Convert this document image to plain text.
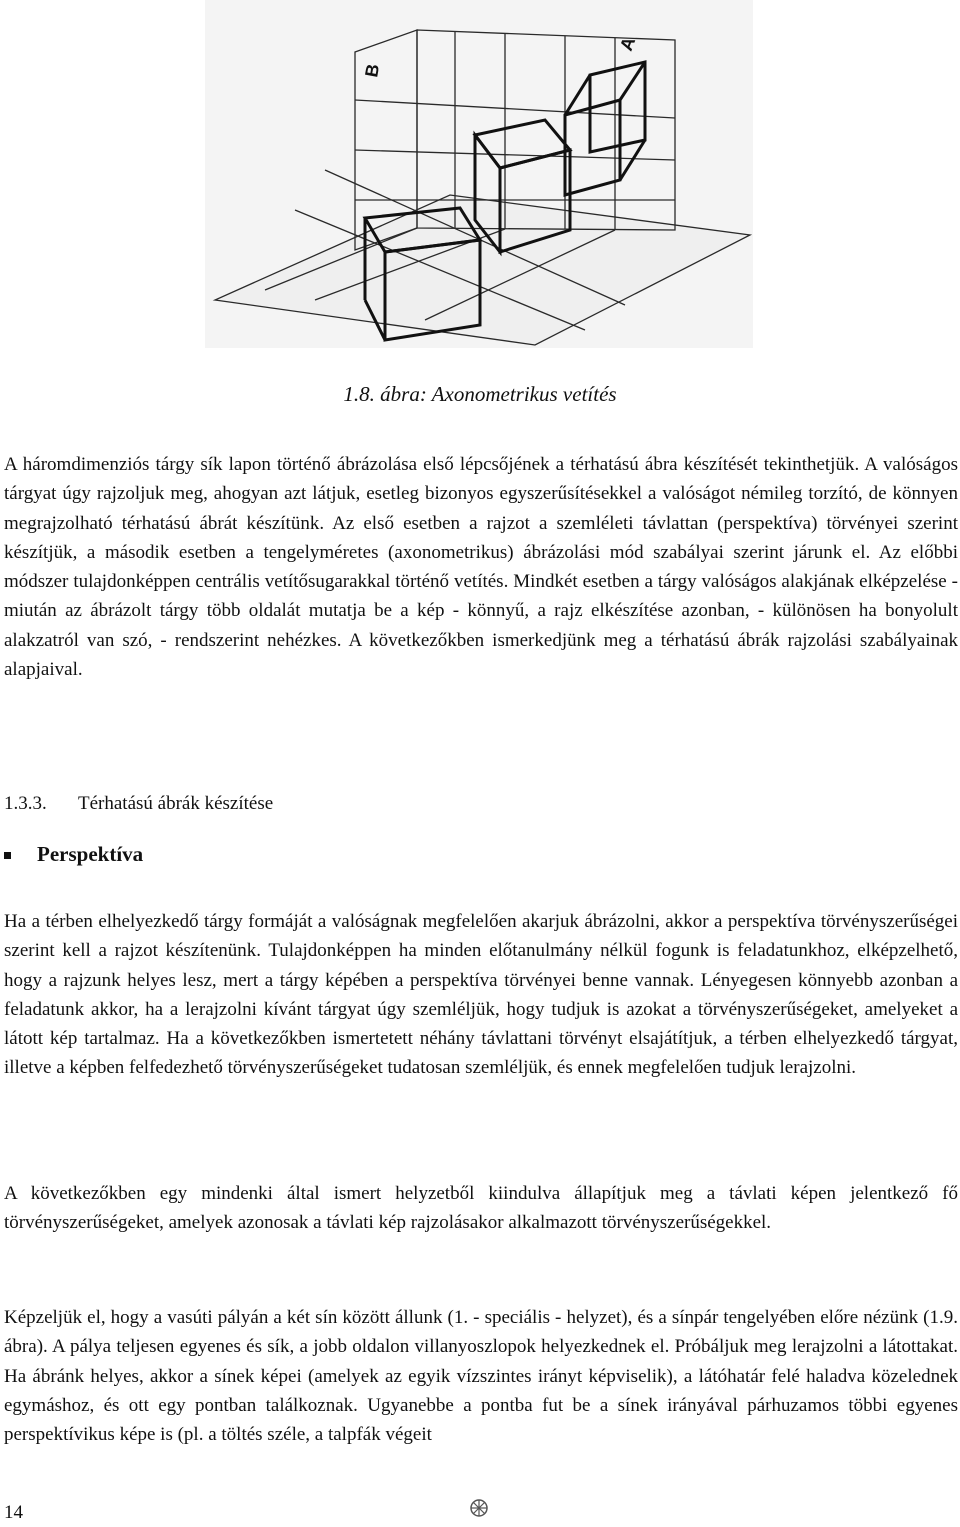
B
A
1.8. ábra: Axonometrikus vetítés

A háromdimenziós tárgy sík lapon történő ábrázolása első lépcsőjének a térhatású ábra készítését tekinthetjük. A valóságos tárgyat úgy rajzoljuk meg, ahogyan azt látjuk, esetleg bizonyos egyszerűsítésekkel a valóságot némileg torzító, de könnyen megrajzolható térhatású ábrát készítünk. Az első esetben a rajzot a szemléleti távlattan (perspektíva) törvényei szerint készítjük, a második esetben a tengelyméretes (axonometrikus) ábrázolási mód szabályai szerint járunk el. Az előbbi módszer tulajdonképpen centrális vetítősugarakkal történő vetítés. Mindkét esetben a tárgy valóságos alakjának elképzelése - miután az ábrázolt tárgy több oldalát mutatja be a kép - könnyű, a rajz elkészítése azonban, - különösen ha bonyolult alakzatról van szó, - rendszerint nehézkes. A következőkben ismerkedjünk meg a térhatású ábrák rajzolási szabályainak alapjaival.

1.3.3. Térhatású ábrák készítése
Perspektíva

Ha a térben elhelyezkedő tárgy formáját a valóságnak megfelelően akarjuk ábrázolni, akkor a perspektíva törvényszerűségei szerint kell a rajzot készítenünk. Tulajdonképpen ha minden előtanulmány nélkül fogunk is feladatunkhoz, elképzelhető, hogy a rajzunk helyes lesz, mert a tárgy képében a perspektíva törvényei benne vannak. Lényegesen könnyebb azonban a feladatunk akkor, ha a lerajzolni kívánt tárgyat úgy szemléljük, hogy tudjuk is azokat a törvényszerűségeket, amelyeket a látott kép tartalmaz. Ha a következőkben ismertetett néhány távlattani törvényt elsajátítjuk, a térben elhelyezkedő tárgyat, illetve a képben felfedezhető törvényszerűségeket tudatosan szemléljük, és ennek megfelelően tudjuk lerajzolni.

A következőkben egy mindenki által ismert helyzetből kiindulva állapítjuk meg a távlati képen jelentkező fő törvényszerűségeket, amelyek azonosak a távlati kép rajzolásakor alkalmazott törvényszerűségekkel.

Képzeljük el, hogy a vasúti pályán a két sín között állunk (1. - speciális - helyzet), és a sínpár tengelyében előre nézünk (1.9. ábra). A pálya teljesen egyenes és sík, a jobb oldalon villanyoszlopok helyezkednek el. Próbáljuk meg lerajzolni a látottakat. Ha ábránk helyes, akkor a sínek képei (amelyek az egyik vízszintes irányt képviselik), a látóhatár felé haladva közelednek egymáshoz, és ott egy pontban találkoznak. Ugyanebbe a pontba fut be a sínek irányával párhuzamos többi egyenes perspektívikus képe is (pl. a töltés széle, a talpfák végeit

14
